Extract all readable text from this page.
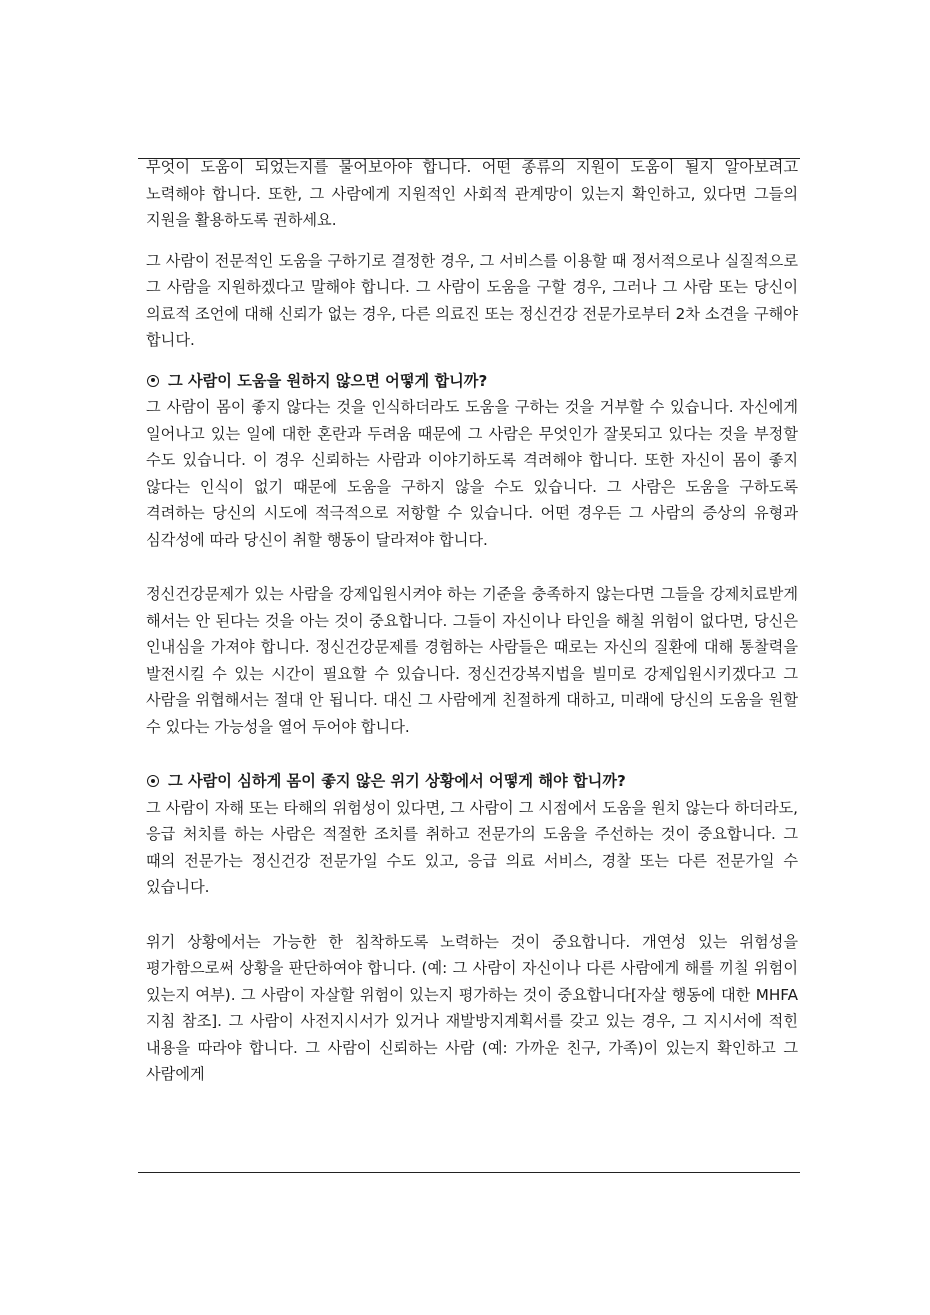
무엇이 도움이 되었는지를 물어보아야 합니다. 어떤 종류의 지원이 도움이 될지 알아보려고 노력해야 합니다. 또한, 그 사람에게 지원적인 사회적 관계망이 있는지 확인하고, 있다면 그들의 지원을 활용하도록 권하세요.

그 사람이 전문적인 도움을 구하기로 결정한 경우, 그 서비스를 이용할 때 정서적으로나 실질적으로 그 사람을 지원하겠다고 말해야 합니다. 그 사람이 도움을 구할 경우, 그러나 그 사람 또는 당신이 의료적 조언에 대해 신뢰가 없는 경우, 다른 의료진 또는 정신건강 전문가로부터 2차 소견을 구해야 합니다.

그 사람이 도움을 원하지 않으면 어떻게 합니까?

그 사람이 몸이 좋지 않다는 것을 인식하더라도 도움을 구하는 것을 거부할 수 있습니다. 자신에게 일어나고 있는 일에 대한 혼란과 두려움 때문에 그 사람은 무엇인가 잘못되고 있다는 것을 부정할 수도 있습니다. 이 경우 신뢰하는 사람과 이야기하도록 격려해야 합니다. 또한 자신이 몸이 좋지 않다는 인식이 없기 때문에 도움을 구하지 않을 수도 있습니다. 그 사람은 도움을 구하도록 격려하는 당신의 시도에 적극적으로 저항할 수 있습니다. 어떤 경우든 그 사람의 증상의 유형과 심각성에 따라 당신이 취할 행동이 달라져야 합니다.

정신건강문제가 있는 사람을 강제입원시켜야 하는 기준을 충족하지 않는다면 그들을 강제치료받게 해서는 안 된다는 것을 아는 것이 중요합니다. 그들이 자신이나 타인을 해칠 위험이 없다면, 당신은 인내심을 가져야 합니다. 정신건강문제를 경험하는 사람들은 때로는 자신의 질환에 대해 통찰력을 발전시킬 수 있는 시간이 필요할 수 있습니다. 정신건강복지법을 빌미로 강제입원시키겠다고 그 사람을 위협해서는 절대 안 됩니다. 대신 그 사람에게 친절하게 대하고, 미래에 당신의 도움을 원할 수 있다는 가능성을 열어 두어야 합니다.

그 사람이 심하게 몸이 좋지 않은 위기 상황에서 어떻게 해야 합니까?

그 사람이 자해 또는 타해의 위험성이 있다면, 그 사람이 그 시점에서 도움을 원치 않는다 하더라도, 응급 처치를 하는 사람은 적절한 조치를 취하고 전문가의 도움을 주선하는 것이 중요합니다. 그 때의 전문가는 정신건강 전문가일 수도 있고, 응급 의료 서비스, 경찰 또는 다른 전문가일 수 있습니다.

위기 상황에서는 가능한 한 침착하도록 노력하는 것이 중요합니다. 개연성 있는 위험성을 평가함으로써 상황을 판단하여야 합니다. (예: 그 사람이 자신이나 다른 사람에게 해를 끼칠 위험이 있는지 여부). 그 사람이 자살할 위험이 있는지 평가하는 것이 중요합니다[자살 행동에 대한 MHFA 지침 참조]. 그 사람이 사전지시서가 있거나 재발방지계획서를 갖고 있는 경우, 그 지시서에 적힌 내용을 따라야 합니다. 그 사람이 신뢰하는 사람 (예: 가까운 친구, 가족)이 있는지 확인하고 그 사람에게
